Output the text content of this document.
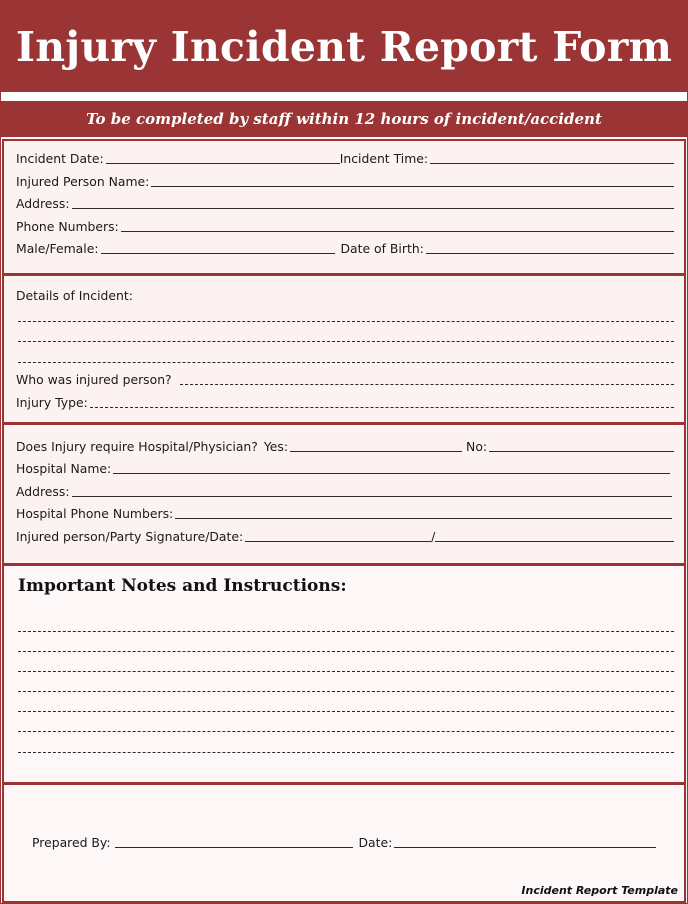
Injury Incident Report Form
To be completed by staff within 12 hours of incident/accident
Incident Date:	Incident Time:
Injured Person Name:
Address:
Phone Numbers:
Male/Female:	Date of Birth:
Details of Incident:
Who was injured person?
Injury Type:
Does Injury require Hospital/Physician? Yes:	No:
Hospital Name:
Address:
Hospital Phone Numbers:
Injured person/Party Signature/Date:	/
Important Notes and Instructions:
Prepared By:	Date:
Incident Report Template
